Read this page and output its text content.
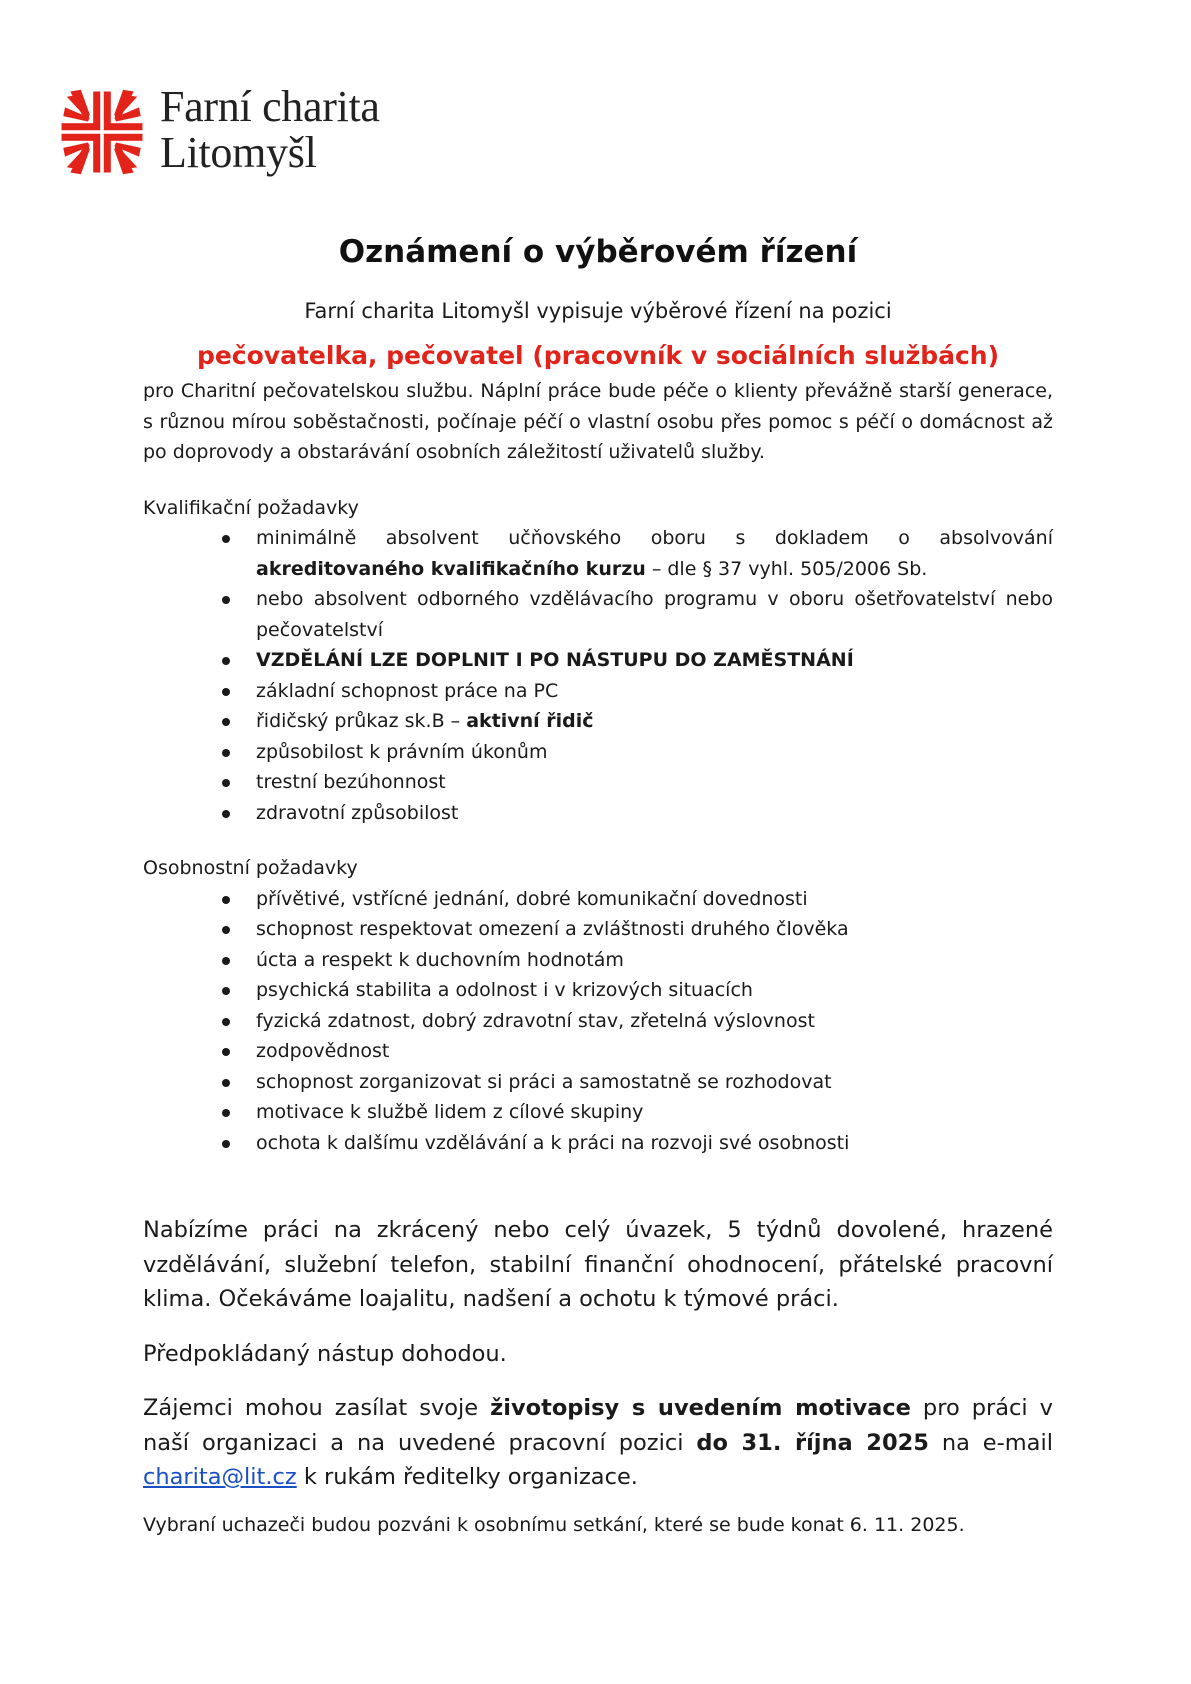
Farní charita
Litomyšl
Oznámení o výběrovém řízení

Farní charita Litomyšl vypisuje výběrové řízení na pozici

pečovatelka, pečovatel (pracovník v sociálních službách)

pro Charitní pečovatelskou službu. Náplní práce bude péče o klienty převážně starší generace, s různou mírou soběstačnosti, počínaje péčí o vlastní osobu přes pomoc s péčí o domácnost až po doprovody a obstarávání osobních záležitostí uživatelů služby.

Kvalifikační požadavky

minimálně absolvent učňovského oboru s dokladem o absolvování
akreditovaného kvalifikačního kurzu – dle § 37 vyhl. 505/2006 Sb.
nebo absolvent odborného vzdělávacího programu v oboru ošetřovatelství nebo pečovatelství
VZDĚLÁNÍ LZE DOPLNIT I PO NÁSTUPU DO ZAMĚSTNÁNÍ
základní schopnost práce na PC
řidičský průkaz sk.B – aktivní řidič
způsobilost k právním úkonům
trestní bezúhonnost
zdravotní způsobilost

Osobnostní požadavky

přívětivé, vstřícné jednání, dobré komunikační dovednosti
schopnost respektovat omezení a zvláštnosti druhého člověka
úcta a respekt k duchovním hodnotám
psychická stabilita a odolnost i v krizových situacích
fyzická zdatnost, dobrý zdravotní stav, zřetelná výslovnost
zodpovědnost
schopnost zorganizovat si práci a samostatně se rozhodovat
motivace k službě lidem z cílové skupiny
ochota k dalšímu vzdělávání a k práci na rozvoji své osobnosti

Nabízíme práci na zkrácený nebo celý úvazek, 5 týdnů dovolené, hrazené vzdělávání, služební telefon, stabilní finanční ohodnocení, přátelské pracovní klima. Očekáváme loajalitu, nadšení a ochotu k týmové práci.

Předpokládaný nástup dohodou.

Zájemci mohou zasílat svoje životopisy s uvedením motivace pro práci v naší organizaci a na uvedené pracovní pozici do 31. října 2025 na e-mail charita@lit.cz k rukám ředitelky organizace.

Vybraní uchazeči budou pozváni k osobnímu setkání, které se bude konat 6. 11. 2025.
